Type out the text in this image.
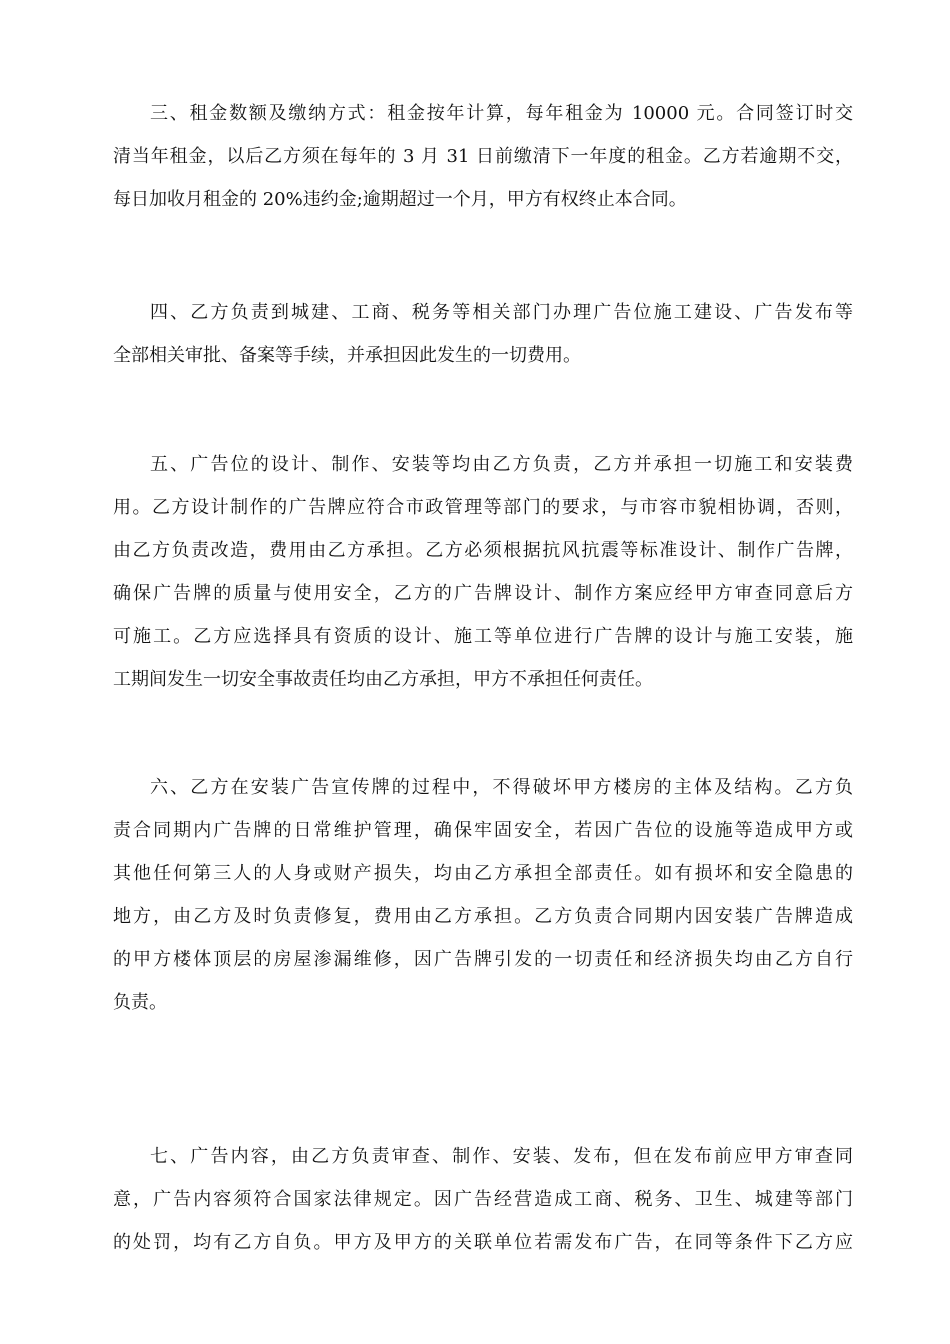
三、租金数额及缴纳方式：租金按年计算，每年租金为 10000 元。合同签订时交
清当年租金，以后乙方须在每年的 3 月 31 日前缴清下一年度的租金。乙方若逾期不交，
每日加收月租金的 20%违约金;逾期超过一个月，甲方有权终止本合同。
四、乙方负责到城建、工商、税务等相关部门办理广告位施工建设、广告发布等
全部相关审批、备案等手续，并承担因此发生的一切费用。
五、广告位的设计、制作、安装等均由乙方负责，乙方并承担一切施工和安装费
用。乙方设计制作的广告牌应符合市政管理等部门的要求，与市容市貌相协调，否则，
由乙方负责改造，费用由乙方承担。乙方必须根据抗风抗震等标准设计、制作广告牌，
确保广告牌的质量与使用安全，乙方的广告牌设计、制作方案应经甲方审查同意后方
可施工。乙方应选择具有资质的设计、施工等单位进行广告牌的设计与施工安装，施
工期间发生一切安全事故责任均由乙方承担，甲方不承担任何责任。
六、乙方在安装广告宣传牌的过程中，不得破坏甲方楼房的主体及结构。乙方负
责合同期内广告牌的日常维护管理，确保牢固安全，若因广告位的设施等造成甲方或
其他任何第三人的人身或财产损失，均由乙方承担全部责任。如有损坏和安全隐患的
地方，由乙方及时负责修复，费用由乙方承担。乙方负责合同期内因安装广告牌造成
的甲方楼体顶层的房屋渗漏维修，因广告牌引发的一切责任和经济损失均由乙方自行
负责。
七、广告内容，由乙方负责审查、制作、安装、发布，但在发布前应甲方审查同
意，广告内容须符合国家法律规定。因广告经营造成工商、税务、卫生、城建等部门
的处罚，均有乙方自负。甲方及甲方的关联单位若需发布广告，在同等条件下乙方应
